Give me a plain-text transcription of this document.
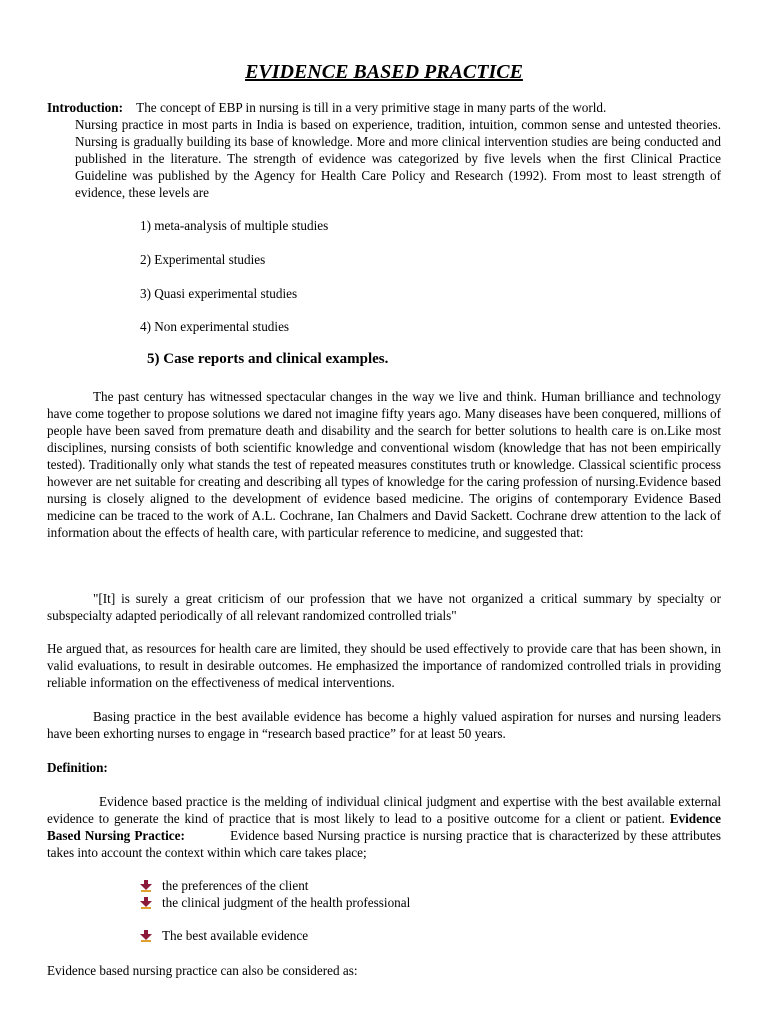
EVIDENCE BASED PRACTICE
Introduction: The concept of EBP in nursing is till in a very primitive stage in many parts of the world.

Nursing practice in most parts in India is based on experience, tradition, intuition, common sense and untested theories. Nursing is gradually building its base of knowledge. More and more clinical intervention studies are being conducted and published in the literature. The strength of evidence was categorized by five levels when the first Clinical Practice Guideline was published by the Agency for Health Care Policy and Research (1992). From most to least strength of evidence, these levels are

1) meta-analysis of multiple studies
2) Experimental studies
3) Quasi experimental studies
4) Non experimental studies
5) Case reports and clinical examples.

The past century has witnessed spectacular changes in the way we live and think. Human brilliance and technology have come together to propose solutions we dared not imagine fifty years ago. Many diseases have been conquered, millions of people have been saved from premature death and disability and the search for better solutions to health care is on.Like most disciplines, nursing consists of both scientific knowledge and conventional wisdom (knowledge that has not been empirically tested). Traditionally only what stands the test of repeated measures constitutes truth or knowledge. Classical scientific process however are net suitable for creating and describing all types of knowledge for the caring profession of nursing.Evidence based nursing is closely aligned to the development of evidence based medicine. The origins of contemporary Evidence Based medicine can be traced to the work of A.L. Cochrane, Ian Chalmers and David Sackett. Cochrane drew attention to the lack of information about the effects of health care, with particular reference to medicine, and suggested that:

"[It] is surely a great criticism of our profession that we have not organized a critical summary by specialty or subspecialty adapted periodically of all relevant randomized controlled trials"

He argued that, as resources for health care are limited, they should be used effectively to provide care that has been shown, in valid evaluations, to result in desirable outcomes. He emphasized the importance of randomized controlled trials in providing reliable information on the effectiveness of medical interventions.

Basing practice in the best available evidence has become a highly valued aspiration for nurses and nursing leaders have been exhorting nurses to engage in “research based practice” for at least 50 years.

Definition:

Evidence based practice is the melding of individual clinical judgment and expertise with the best available external evidence to generate the kind of practice that is most likely to lead to a positive outcome for a client or patient. Evidence Based Nursing Practice:	Evidence based Nursing practice is nursing practice that is characterized by these attributes takes into account the context within which care takes place;

the preferences of the client
the clinical judgment of the health professional
The best available evidence
Evidence based nursing practice can also be considered as:
